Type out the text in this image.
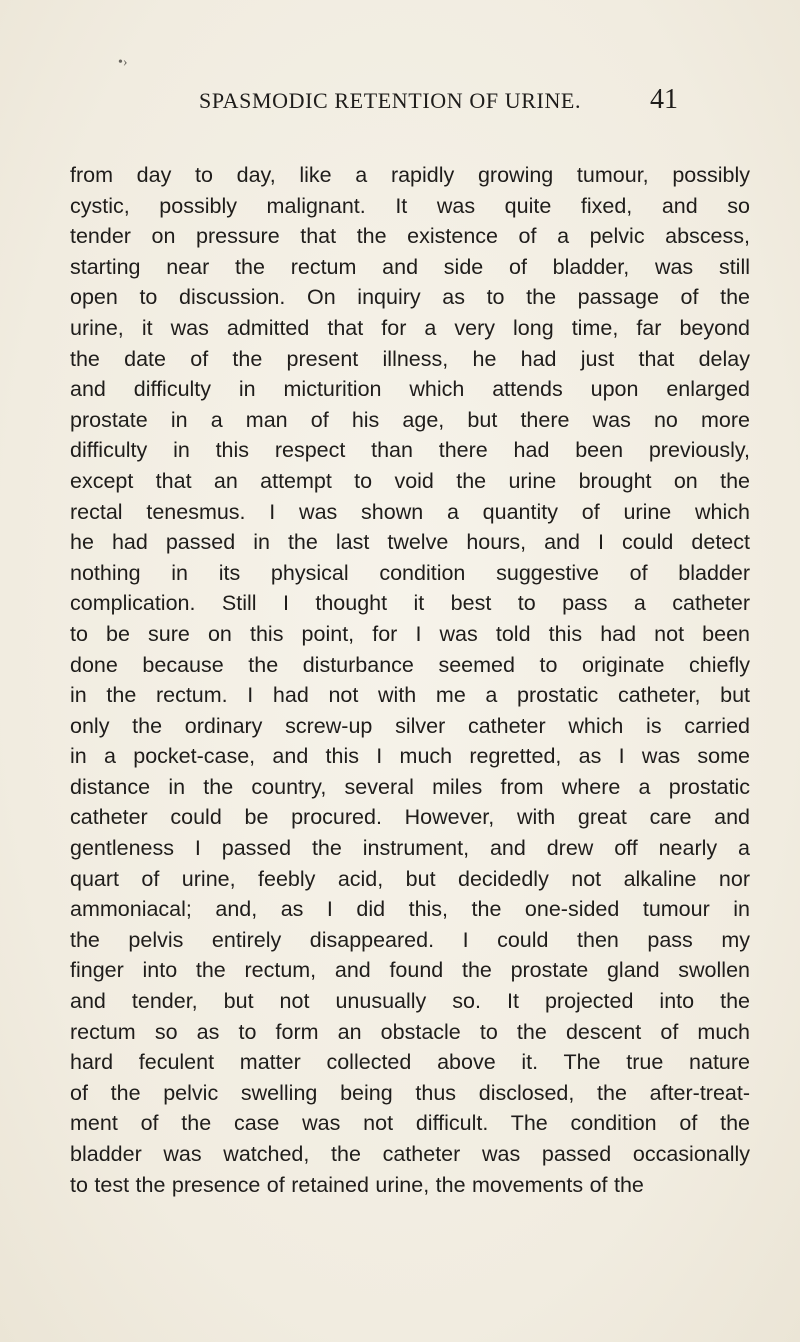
•›
SPASMODIC RETENTION OF URINE. 41
from day to day, like a rapidly growing tumour, possibly
cystic, possibly malignant. It was quite fixed, and so
tender on pressure that the existence of a pelvic abscess,
starting near the rectum and side of bladder, was still
open to discussion. On inquiry as to the passage of the
urine, it was admitted that for a very long time, far beyond
the date of the present illness, he had just that delay
and difficulty in micturition which attends upon enlarged
prostate in a man of his age, but there was no more
difficulty in this respect than there had been previously,
except that an attempt to void the urine brought on the
rectal tenesmus. I was shown a quantity of urine which
he had passed in the last twelve hours, and I could detect
nothing in its physical condition suggestive of bladder
complication. Still I thought it best to pass a catheter
to be sure on this point, for I was told this had not been
done because the disturbance seemed to originate chiefly
in the rectum. I had not with me a prostatic catheter, but
only the ordinary screw-up silver catheter which is carried
in a pocket-case, and this I much regretted, as I was some
distance in the country, several miles from where a prostatic
catheter could be procured. However, with great care and
gentleness I passed the instrument, and drew off nearly a
quart of urine, feebly acid, but decidedly not alkaline nor
ammoniacal; and, as I did this, the one-sided tumour in
the pelvis entirely disappeared. I could then pass my
finger into the rectum, and found the prostate gland swollen
and tender, but not unusually so. It projected into the
rectum so as to form an obstacle to the descent of much
hard feculent matter collected above it. The true nature
of the pelvic swelling being thus disclosed, the after-treat-
ment of the case was not difficult. The condition of the
bladder was watched, the catheter was passed occasionally
to test the presence of retained urine, the movements of the
